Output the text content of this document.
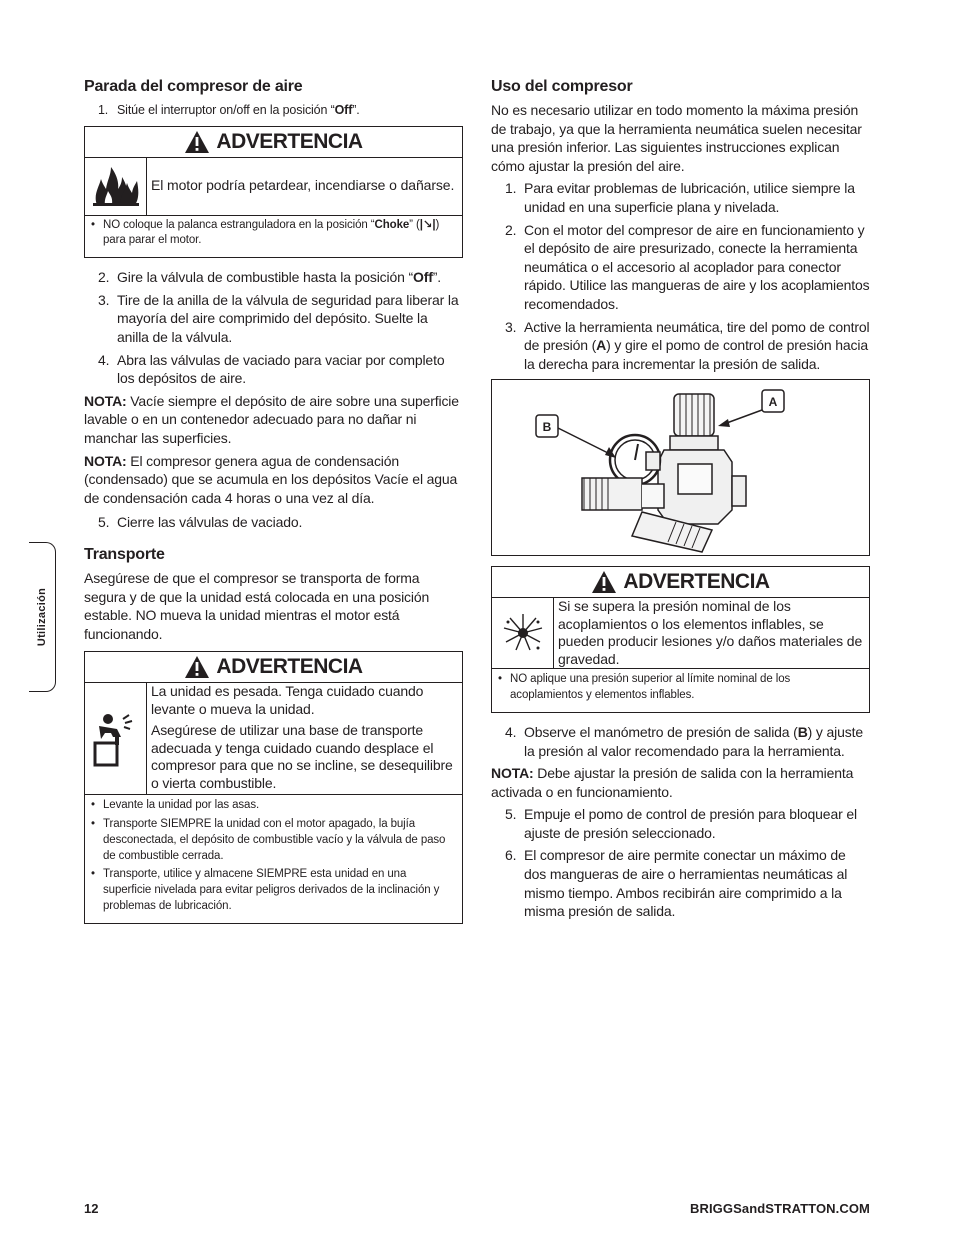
Utilización
Parada del compresor de aire
1. Sitúe el interruptor on/off en la posición “Off”.
ADVERTENCIA
El motor podría petardear, incendiarse o dañarse.
• NO coloque la palanca estranguladora en la posición “Choke” (|↘|) para parar el motor.
2. Gire la válvula de combustible hasta la posición “Off”.
3. Tire de la anilla de la válvula de seguridad para liberar la mayoría del aire comprimido del depósito. Suelte la anilla de la válvula.
4. Abra las válvulas de vaciado para vaciar por completo los depósitos de aire.

NOTA: Vacíe siempre el depósito de aire sobre una superficie lavable o en un contenedor adecuado para no dañar ni manchar las superficies.

NOTA: El compresor genera agua de condensación (condensado) que se acumula en los depósitos Vacíe el agua de condensación cada 4 horas o una vez al día.

5. Cierre las válvulas de vaciado.
Transporte

Asegúrese de que el compresor se transporta de forma segura y de que la unidad está colocada en una posición estable. NO mueva la unidad mientras el motor está funcionando.

ADVERTENCIA

La unidad es pesada. Tenga cuidado cuando levante o mueva la unidad.

Asegúrese de utilizar una base de transporte adecuada y tenga cuidado cuando desplace el compresor para que no se incline, se desequilibre o vierta combustible.

• Levante la unidad por las asas.
• Transporte SIEMPRE la unidad con el motor apagado, la bujía desconectada, el depósito de combustible vacío y la válvula de paso de combustible cerrada.
• Transporte, utilice y almacene SIEMPRE esta unidad en una superficie nivelada para evitar peligros derivados de la inclinación y problemas de lubricación.
Uso del compresor

No es necesario utilizar en todo momento la máxima presión de trabajo, ya que la herramienta neumática suelen necesitar una presión inferior. Las siguientes instrucciones explican cómo ajustar la presión del aire.

1. Para evitar problemas de lubricación, utilice siempre la unidad en una superficie plana y nivelada.
2. Con el motor del compresor de aire en funcionamiento y el depósito de aire presurizado, conecte la herramienta neumática o el accesorio al acoplador para conector rápido. Utilice las mangueras de aire y los acoplamientos recomendados.
3. Active la herramienta neumática, tire del pomo de control de presión (A) y gire el pomo de control de presión hacia la derecha para incrementar la presión de salida.
A
B
ADVERTENCIA
Si se supera la presión nominal de los acoplamientos o los elementos inflables, se pueden producir lesiones y/o daños materiales de gravedad.
• NO aplique una presión superior al límite nominal de los acoplamientos y elementos inflables.
4. Observe el manómetro de presión de salida (B) y ajuste la presión al valor recomendado para la herramienta.

NOTA: Debe ajustar la presión de salida con la herramienta activada o en funcionamiento.

5. Empuje el pomo de control de presión para bloquear el ajuste de presión seleccionado.
6. El compresor de aire permite conectar un máximo de dos mangueras de aire o herramientas neumáticas al mismo tiempo. Ambos recibirán aire comprimido a la misma presión de salida.
12	BRIGGSandSTRATTON.COM
